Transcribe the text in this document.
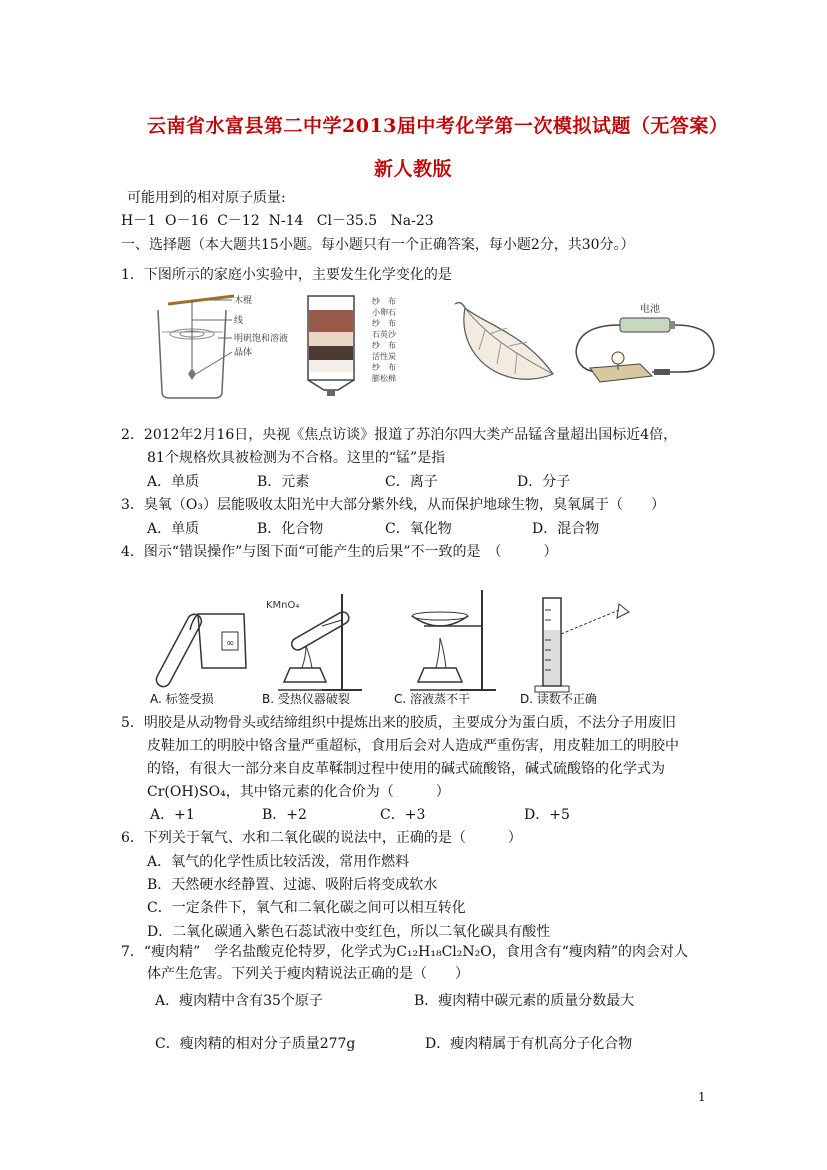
云南省水富县第二中学2013届中考化学第一次模拟试题（无答案）
新人教版
可能用到的相对原子质量:
H－1  O－16  C－12  N-14   Cl－35.5   Na-23
一、选择题（本大题共15小题。每小题只有一个正确答案，每小题2分，共30分。）
1．下图所示的家庭小实验中，主要发生化学变化的是
木棍
线
明矾饱和溶液
晶体
纱　布
小卵石
纱　布
石英沙
纱　布
活性炭
纱　布
膨松棉
电池
2．2012年2月16日，央视《焦点访谈》报道了苏泊尔四大类产品锰含量超出国标近4倍，
81个规格炊具被检测为不合格。这里的“锰”是指
A．单质	B．元素	C．离子	D．分子
3．臭氧（O₃）层能吸收太阳光中大部分紫外线，从而保护地球生物，臭氧属于（　　）
A．单质	B．化合物	C．氧化物	D．混合物
4．图示“错误操作”与图下面“可能产生的后果”不一致的是　（　　　）
∞
A. 标签受损
KMnO₄
B. 受热仪器破裂	C. 溶液蒸不干	D. 读数不正确
5．明胶是从动物骨头或结缔组织中提炼出来的胶质，主要成分为蛋白质，不法分子用废旧
皮鞋加工的明胶中铬含量严重超标，食用后会对人造成严重伤害，用皮鞋加工的明胶中
的铬，有很大一部分来自皮革鞣制过程中使用的碱式硫酸铬，碱式硫酸铬的化学式为
Cr(OH)SO₄，其中铬元素的化合价为（　　　）
A．+1	B．+2	C．+3	D．+5
6．下列关于氧气、水和二氧化碳的说法中，正确的是（　　　）
A．氧气的化学性质比较活泼，常用作燃料
B．天然硬水经静置、过滤、吸附后将变成软水
C．一定条件下，氧气和二氧化碳之间可以相互转化
D．二氧化碳通入紫色石蕊试液中变红色，所以二氧化碳具有酸性
7．“瘦肉精”　学名盐酸克伦特罗，化学式为C₁₂H₁₈Cl₂N₂O，食用含有“瘦肉精”的肉会对人
体产生危害。下列关于瘦肉精说法正确的是（　　）
A．瘦肉精中含有35个原子	B．瘦肉精中碳元素的质量分数最大
C．瘦肉精的相对分子质量277g	D．瘦肉精属于有机高分子化合物
1
